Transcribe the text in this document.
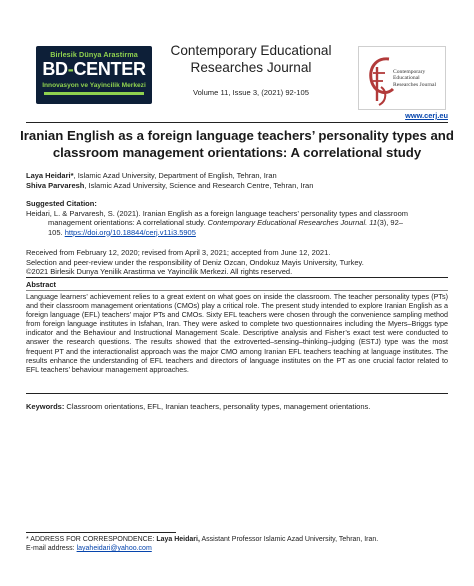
Birlesik Dünya Arastirma
BD-CENTER
Innovasyon ve Yayincilik Merkezi
Contemporary Educational Researches Journal
Volume 11, Issue 3, (2021) 92-105
Contemporary Educational Researches Journal
www.cerj.eu
Iranian English as a foreign language teachers’ personality types and classroom management orientations: A correlational study
Laya Heidari*, Islamic Azad University, Department of English, Tehran, Iran
Shiva Parvaresh, Islamic Azad University, Science and Research Centre, Tehran, Iran
Suggested Citation:
Heidari, L. & Parvaresh, S. (2021). Iranian English as a foreign language teachers’ personality types and classroom
management orientations: A correlational study. Contemporary Educational Researches Journal. 11(3), 92–
105. https://doi.org/10.18844/cerj.v11i3.5905
Received from February 12, 2020; revised from April 3, 2021; accepted from June 12, 2021.
Selection and peer-review under the responsibility of Deniz Ozcan, Ondokuz Mayis University, Turkey.
©2021 Birlesik Dunya Yenilik Arastirma ve Yayincilik Merkezi. All rights reserved.
Abstract
Language learners’ achievement relies to a great extent on what goes on inside the classroom. The teacher personality types (PTs) and their classroom management orientations (CMOs) play a critical role. The present study intended to explore Iranian English as a foreign language (EFL) teachers’ major PTs and CMOs. Sixty EFL teachers were chosen through the convenience sampling method from foreign language institutes in Isfahan, Iran. They were asked to complete two questionnaires including the Myers–Briggs type indicator and the Behaviour and Instructional Management Scale. Descriptive analysis and Fisher’s exact test were conducted to answer the research questions. The results showed that the extroverted–sensing–thinking–judging (ESTJ) type was the most frequent PT and the interactionalist approach was the major CMO among Iranian EFL teachers teaching at language institutes. The results enhance the understanding of EFL teachers and directors of language institutes on the PT as one crucial factor related to EFL teachers’ behaviour management approaches.
Keywords: Classroom orientations, EFL, Iranian teachers, personality types, management orientations.
* ADDRESS FOR CORRESPONDENCE: Laya Heidari, Assistant Professor Islamic Azad University, Tehran, Iran.
E-mail address: layaheidari@yahoo.com
